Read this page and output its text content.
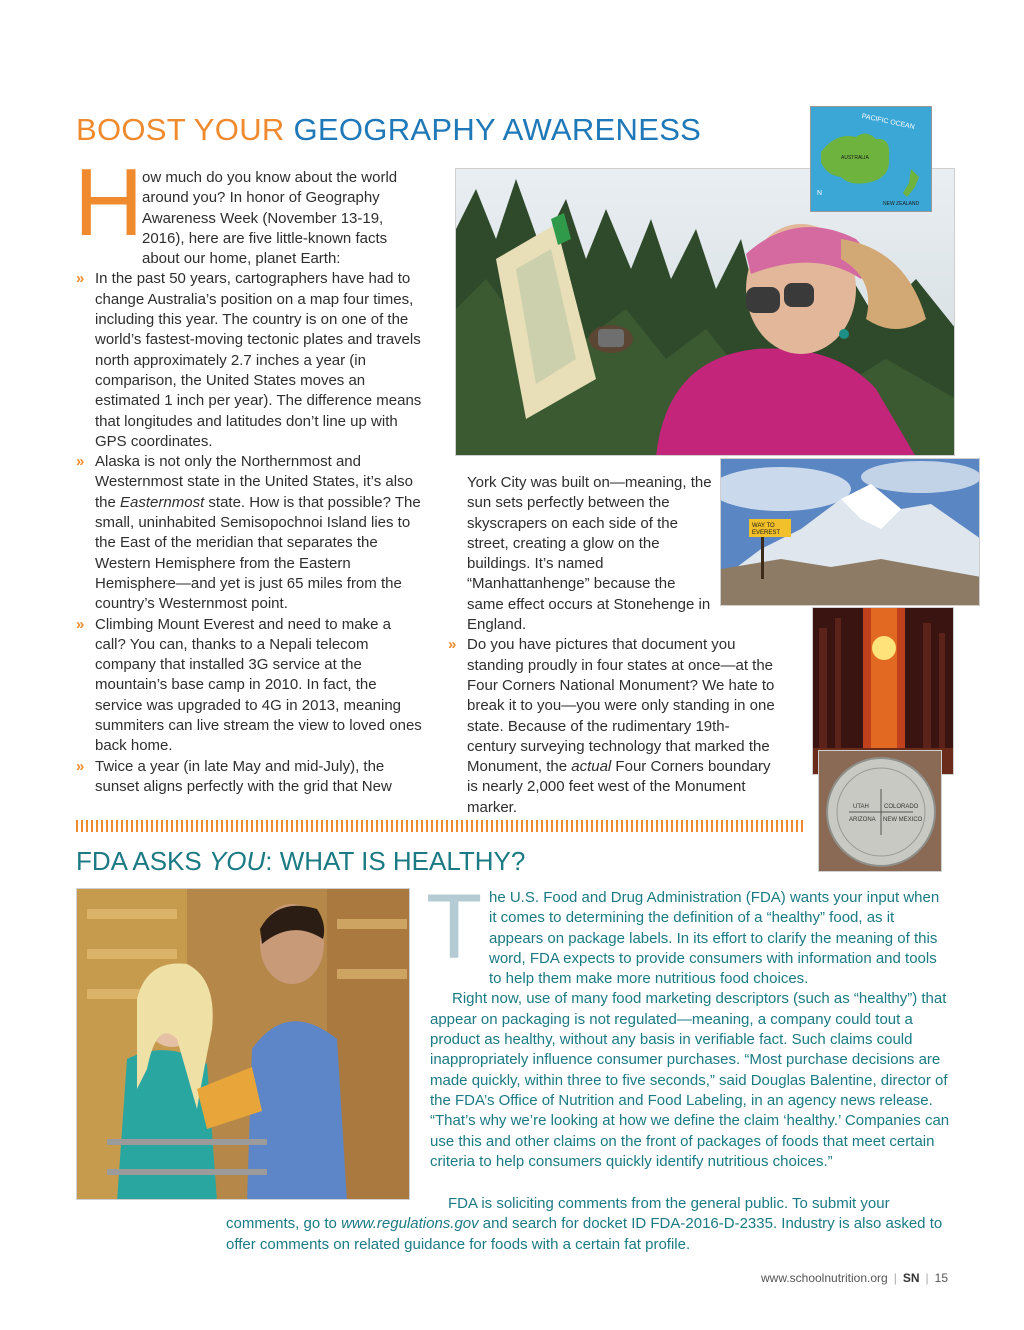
BOOST YOUR GEOGRAPHY AWARENESS
H

ow much do you know about the world around you? In honor of Geography Awareness Week (November 13-19, 2016), here are five little-known facts about our home, planet Earth:

» In the past 50 years, cartographers have had to change Australia’s position on a map four times, including this year. The country is on one of the world’s fastest-moving tectonic plates and travels north approximately 2.7 inches a year (in comparison, the United States moves an estimated 1 inch per year). The difference means that longitudes and latitudes don’t line up with GPS coordinates.
» Alaska is not only the Northernmost and Westernmost state in the United States, it’s also the Easternmost state. How is that possible? The small, uninhabited Semisopochnoi Island lies to the East of the meridian that separates the Western Hemisphere from the Eastern Hemisphere—and yet is just 65 miles from the country’s Westernmost point.
» Climbing Mount Everest and need to make a call? You can, thanks to a Nepali telecom company that installed 3G service at the mountain’s base camp in 2010. In fact, the service was upgraded to 4G in 2013, meaning summiters can live stream the view to loved ones back home.
» Twice a year (in late May and mid-July), the sunset aligns perfectly with the grid that New
York City was built on—meaning, the sun sets perfectly between the skyscrapers on each side of the street, creating a glow on the buildings. It’s named “Manhattanhenge” because the same effect occurs at Stonehenge in England.
» Do you have pictures that document you standing proudly in four states at once—at the Four Corners National Monument? We hate to break it to you—you were only standing in one state. Because of the rudimentary 19th-century surveying technology that marked the Monument, the actual Four Corners boundary is nearly 2,000 feet west of the Monument marker.
PACIFIC OCEAN
AUSTRALIA
NEW ZEALAND
N
WAY TO
EVEREST
UTAH	COLORADO
ARIZONA NEW MEXICO
FDA ASKS YOU: WHAT IS HEALTHY?
T he U.S. Food and Drug Administration (FDA) wants your input when it comes to determining the definition of a “healthy” food, as it appears on package labels. In its effort to clarify the meaning of this word, FDA expects to provide consumers with information and tools to help them make more nutritious food choices.

Right now, use of many food marketing descriptors (such as “healthy”) that appear on packaging is not regulated—meaning, a company could tout a product as healthy, without any basis in verifiable fact. Such claims could inappropriately influence consumer purchases. “Most purchase decisions are made quickly, within three to five seconds,” said Douglas Balentine, director of the FDA’s Office of Nutrition and Food Labeling, in an agency news release. “That’s why we’re looking at how we define the claim ‘healthy.’ Companies can use this and other claims on the front of packages of foods that meet certain criteria to help consumers quickly identify nutritious choices.”

FDA is soliciting comments from the general public. To submit your comments, go to www.regulations.gov and search for docket ID FDA-2016-D-2335. Industry is also asked to offer comments on related guidance for foods with a certain fat profile.

www.schoolnutrition.org | SN | 15
